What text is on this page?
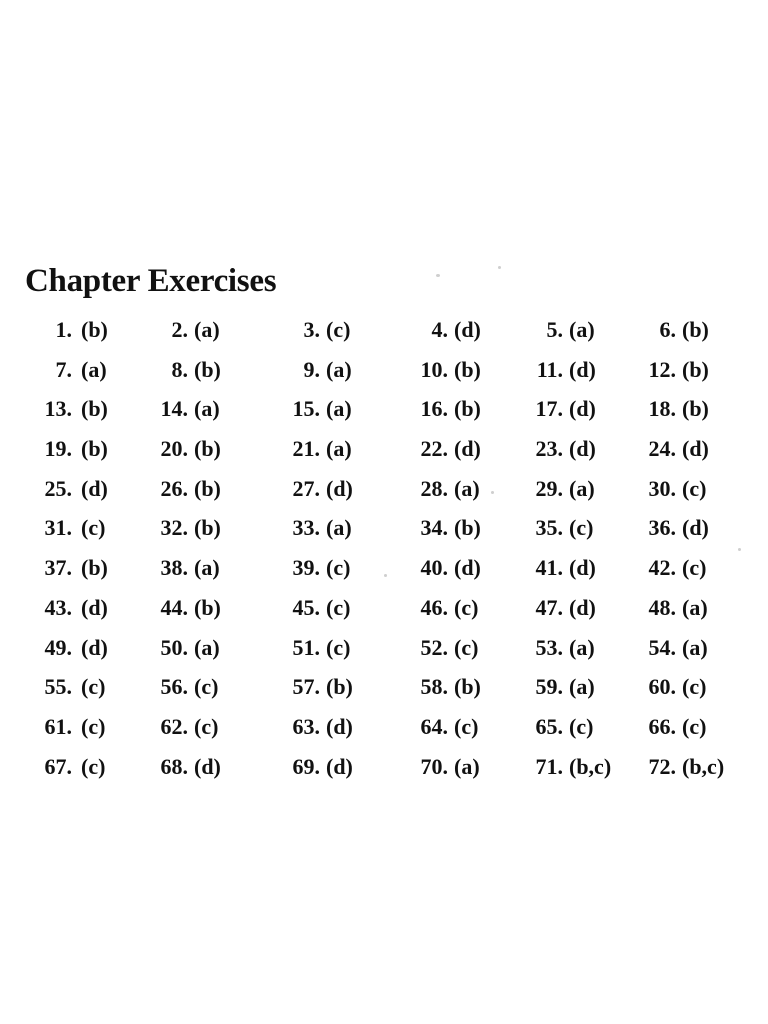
Chapter Exercises
1. (b)	2. (a)	3. (c)	4. (d)	5. (a)	6. (b)
7. (a)	8. (b)	9. (a)	10. (b)	11. (d)	12. (b)
13. (b)	14. (a)	15. (a)	16. (b)	17. (d)	18. (b)
19. (b)	20. (b)	21. (a)	22. (d)	23. (d)	24. (d)
25. (d)	26. (b)	27. (d)	28. (a)	29. (a)	30. (c)
31. (c)	32. (b)	33. (a)	34. (b)	35. (c)	36. (d)
37. (b)	38. (a)	39. (c)	40. (d)	41. (d)	42. (c)
43. (d)	44. (b)	45. (c)	46. (c)	47. (d)	48. (a)
49. (d)	50. (a)	51. (c)	52. (c)	53. (a)	54. (a)
55. (c)	56. (c)	57. (b)	58. (b)	59. (a)	60. (c)
61. (c)	62. (c)	63. (d)	64. (c)	65. (c)	66. (c)
67. (c)	68. (d)	69. (d)	70. (a)	71. (b,c)	72. (b,c)
